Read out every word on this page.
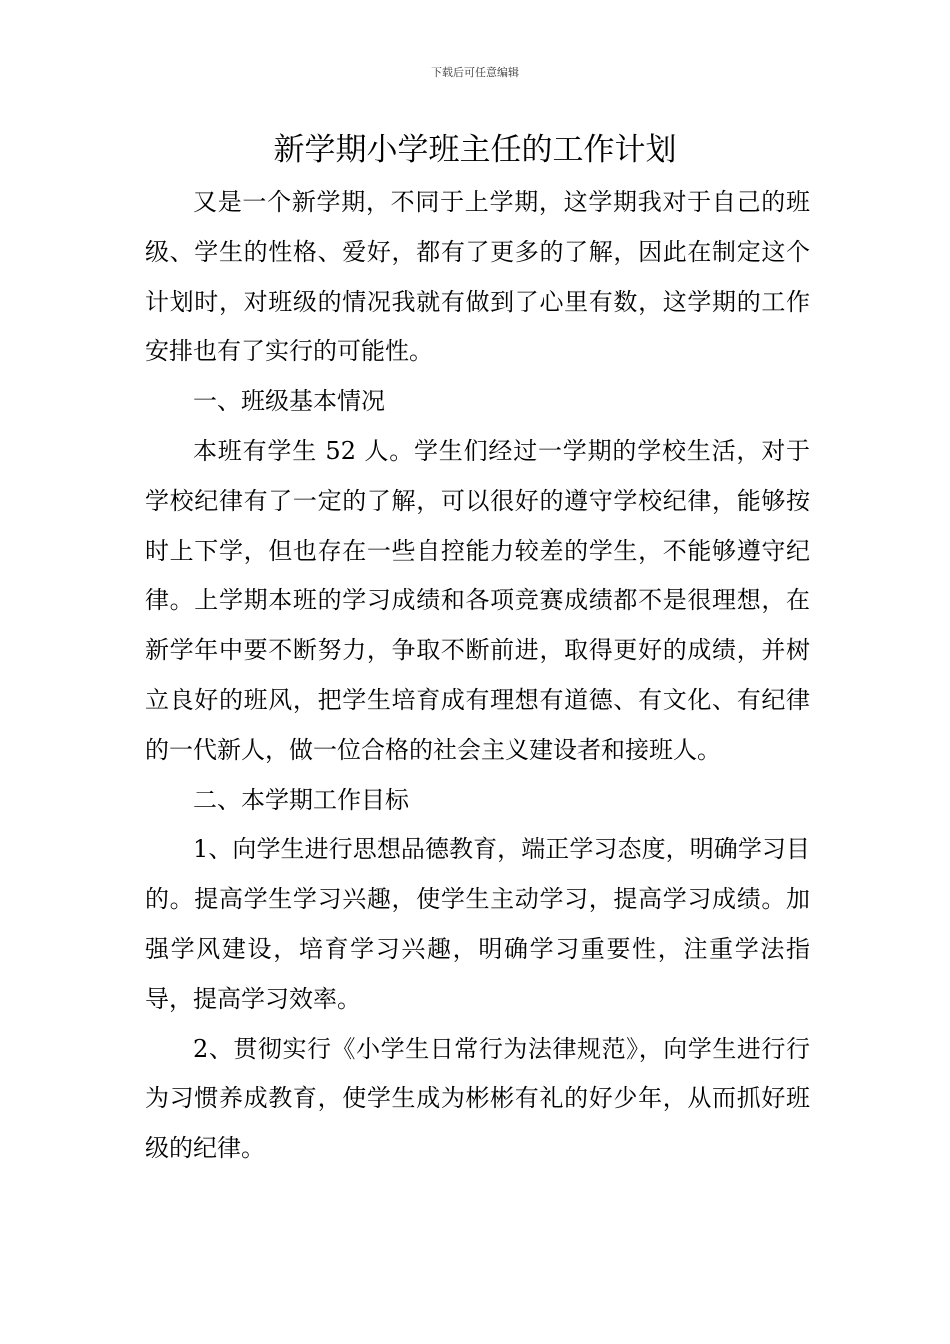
下载后可任意编辑
新学期小学班主任的工作计划

又是一个新学期，不同于上学期，这学期我对于自己的班级、学生的性格、爱好，都有了更多的了解，因此在制定这个计划时，对班级的情况我就有做到了心里有数，这学期的工作安排也有了实行的可能性。

一、班级基本情况

本班有学生 52 人。学生们经过一学期的学校生活，对于学校纪律有了一定的了解，可以很好的遵守学校纪律，能够按时上下学，但也存在一些自控能力较差的学生，不能够遵守纪律。上学期本班的学习成绩和各项竞赛成绩都不是很理想，在新学年中要不断努力，争取不断前进，取得更好的成绩，并树立良好的班风，把学生培育成有理想有道德、有文化、有纪律的一代新人，做一位合格的社会主义建设者和接班人。

二、本学期工作目标

1、向学生进行思想品德教育，端正学习态度，明确学习目的。提高学生学习兴趣，使学生主动学习，提高学习成绩。加强学风建设，培育学习兴趣，明确学习重要性，注重学法指导，提高学习效率。

2、贯彻实行《小学生日常行为法律规范》，向学生进行行为习惯养成教育，使学生成为彬彬有礼的好少年，从而抓好班级的纪律。
